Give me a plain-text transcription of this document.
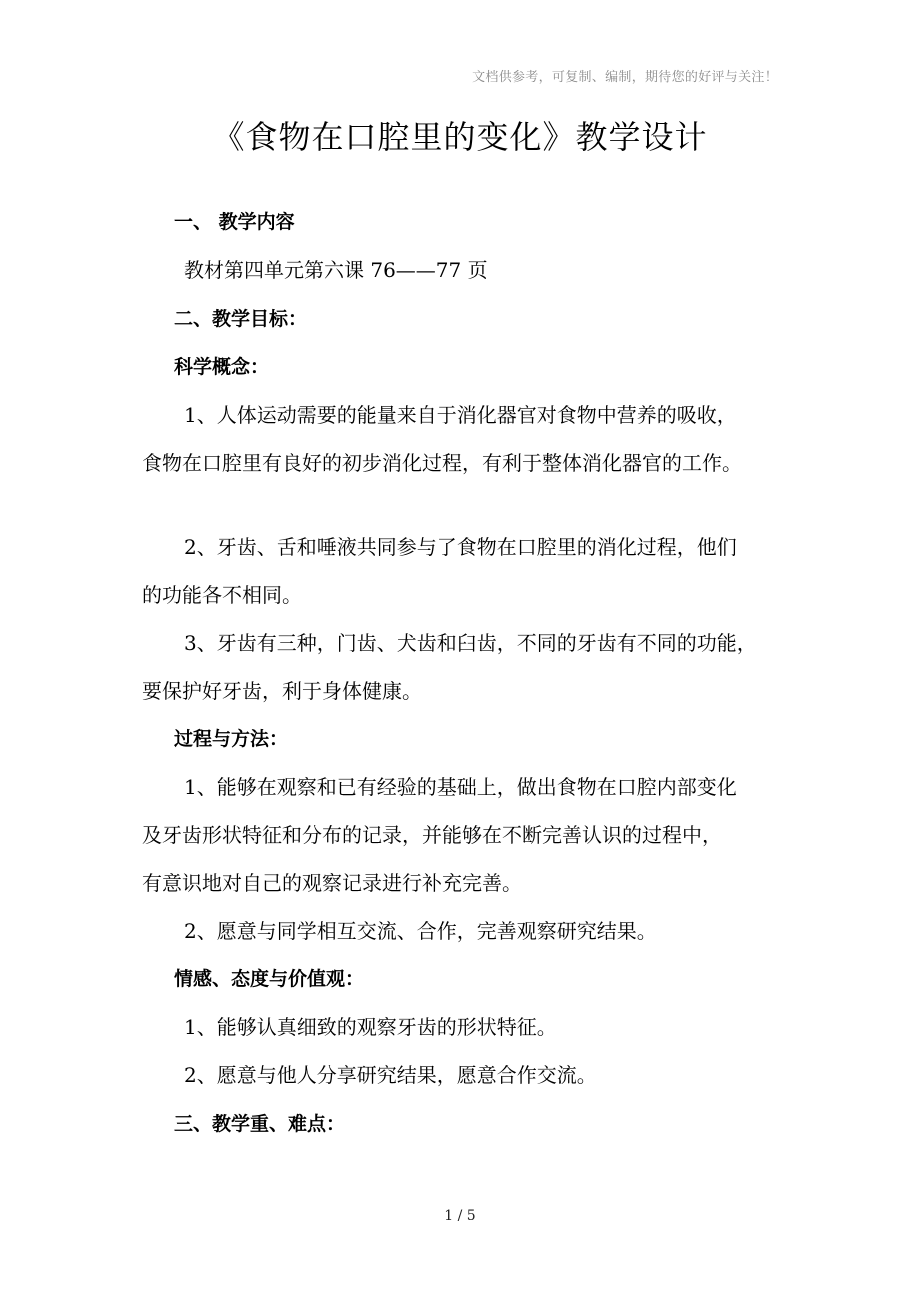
文档供参考，可复制、编制，期待您的好评与关注！
《食物在口腔里的变化》教学设计
一、 教学内容
教材第四单元第六课 76——77 页
二、教学目标：
科学概念：
1、人体运动需要的能量来自于消化器官对食物中营养的吸收，
食物在口腔里有良好的初步消化过程，有利于整体消化器官的工作。
2、牙齿、舌和唾液共同参与了食物在口腔里的消化过程，他们
的功能各不相同。
3、牙齿有三种，门齿、犬齿和臼齿，不同的牙齿有不同的功能，
要保护好牙齿，利于身体健康。
过程与方法：
1、能够在观察和已有经验的基础上，做出食物在口腔内部变化
及牙齿形状特征和分布的记录，并能够在不断完善认识的过程中，
有意识地对自己的观察记录进行补充完善。
2、愿意与同学相互交流、合作，完善观察研究结果。
情感、态度与价值观：
1、能够认真细致的观察牙齿的形状特征。
2、愿意与他人分享研究结果，愿意合作交流。
三、教学重、难点：
1 / 5
